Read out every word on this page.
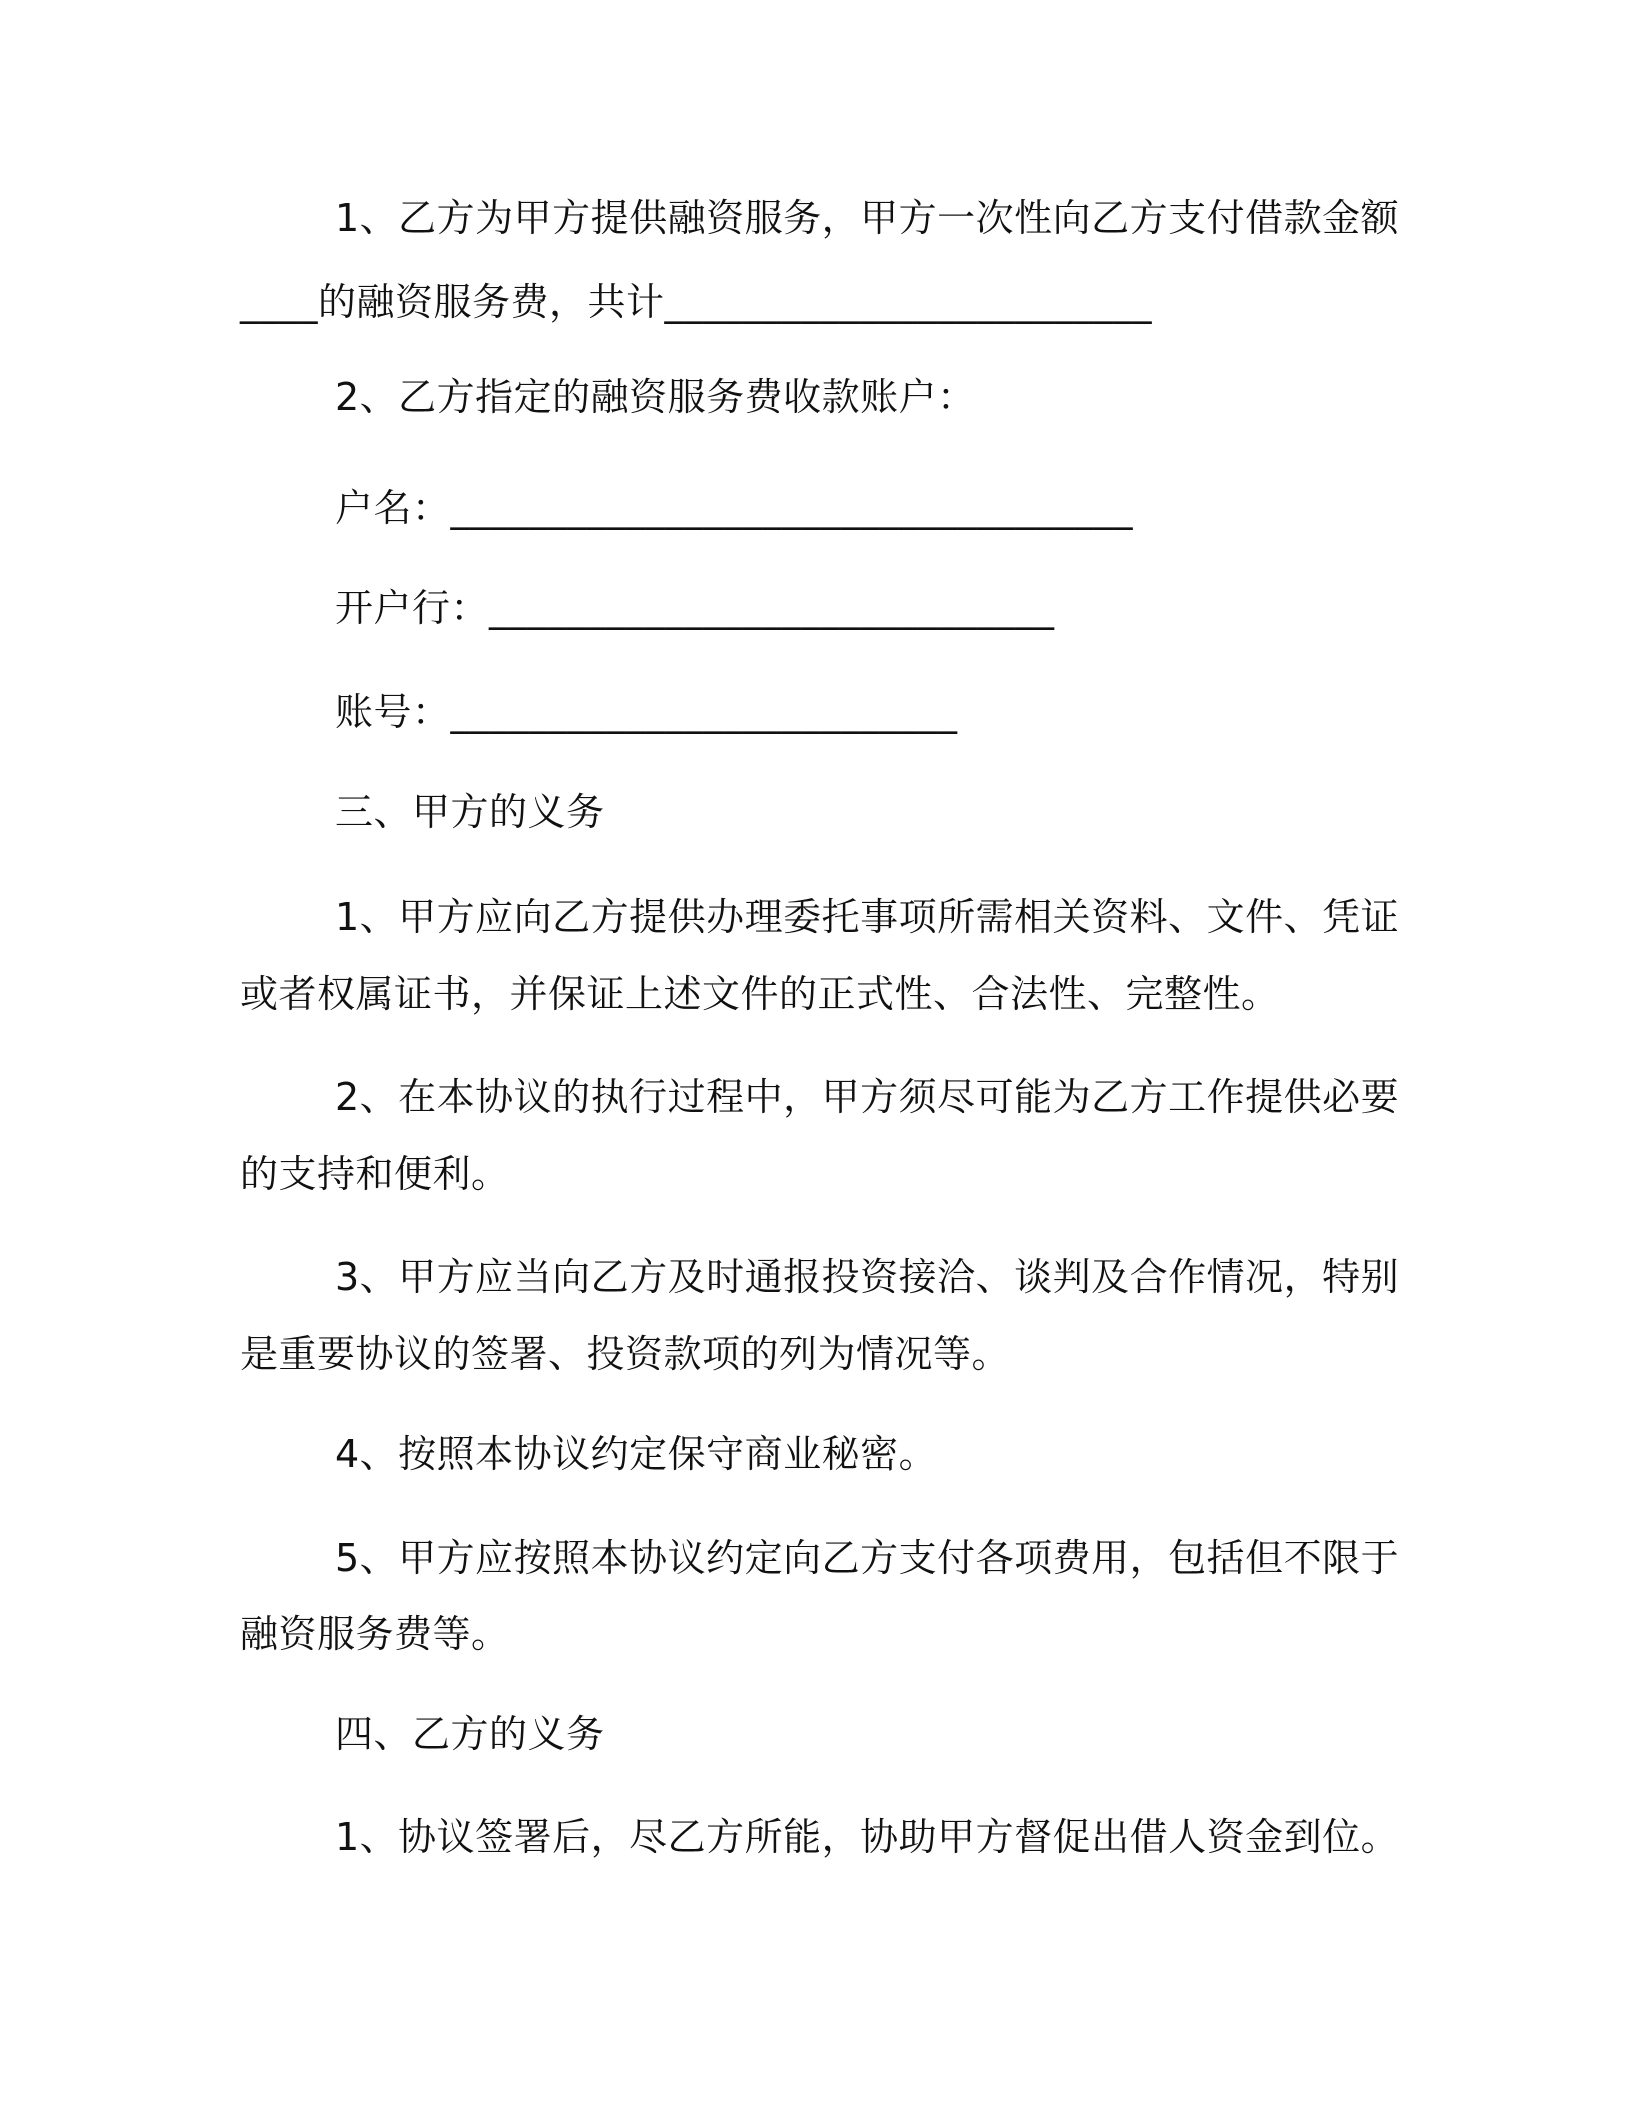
1、乙方为甲方提供融资服务，甲方一次性向乙方支付借款金额
____的融资服务费，共计_________________________
2、乙方指定的融资服务费收款账户：
户名：___________________________________
开户行：_____________________________
账号：__________________________
三、甲方的义务
1、甲方应向乙方提供办理委托事项所需相关资料、文件、凭证
或者权属证书，并保证上述文件的正式性、合法性、完整性。
2、在本协议的执行过程中，甲方须尽可能为乙方工作提供必要
的支持和便利。
3、甲方应当向乙方及时通报投资接洽、谈判及合作情况，特别
是重要协议的签署、投资款项的列为情况等。
4、按照本协议约定保守商业秘密。
5、甲方应按照本协议约定向乙方支付各项费用，包括但不限于
融资服务费等。
四、乙方的义务
1、协议签署后，尽乙方所能，协助甲方督促出借人资金到位。
